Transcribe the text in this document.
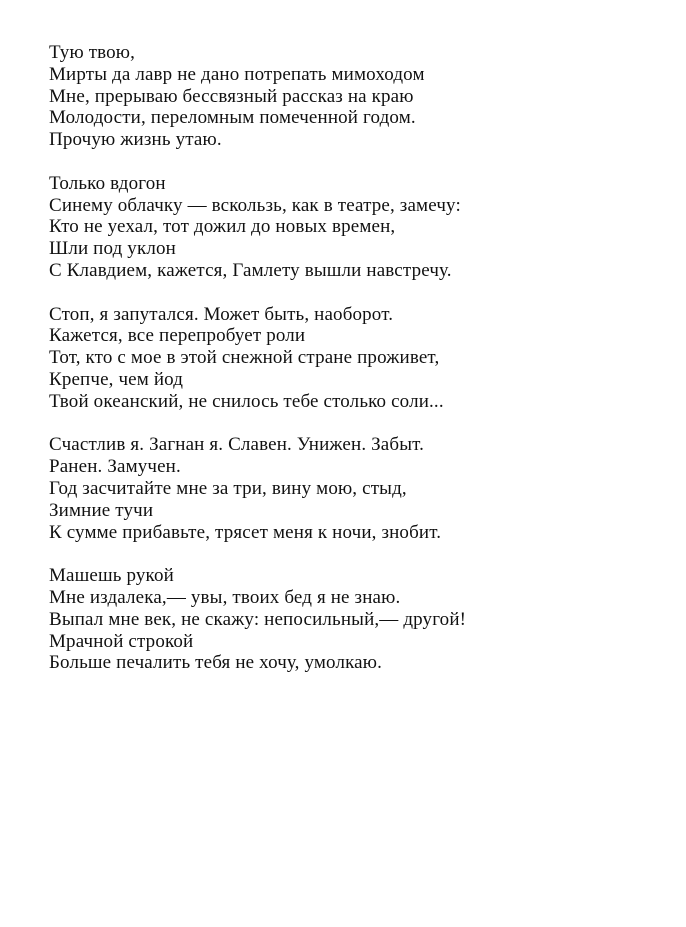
Тую твою,
Мирты да лавр не дано потрепать мимоходом
Мне, прерываю бессвязный рассказ на краю
Молодости, переломным помеченной годом.
Прочую жизнь утаю.
Только вдогон
Синему облачку — вскользь, как в театре, замечу:
Кто не уехал, тот дожил до новых времен,
Шли под уклон
С Клавдием, кажется, Гамлету вышли навстречу.
Стоп, я запутался. Может быть, наоборот.
Кажется, все перепробует роли
Тот, кто с мое в этой снежной стране проживет,
Крепче, чем йод
Твой океанский, не снилось тебе столько соли...
Счастлив я. Загнан я. Славен. Унижен. Забыт.
Ранен. Замучен.
Год засчитайте мне за три, вину мою, стыд,
Зимние тучи
К сумме прибавьте, трясет меня к ночи, знобит.
Машешь рукой
Мне издалека,— увы, твоих бед я не знаю.
Выпал мне век, не скажу: непосильный,— другой!
Мрачной строкой
Больше печалить тебя не хочу, умолкаю.
